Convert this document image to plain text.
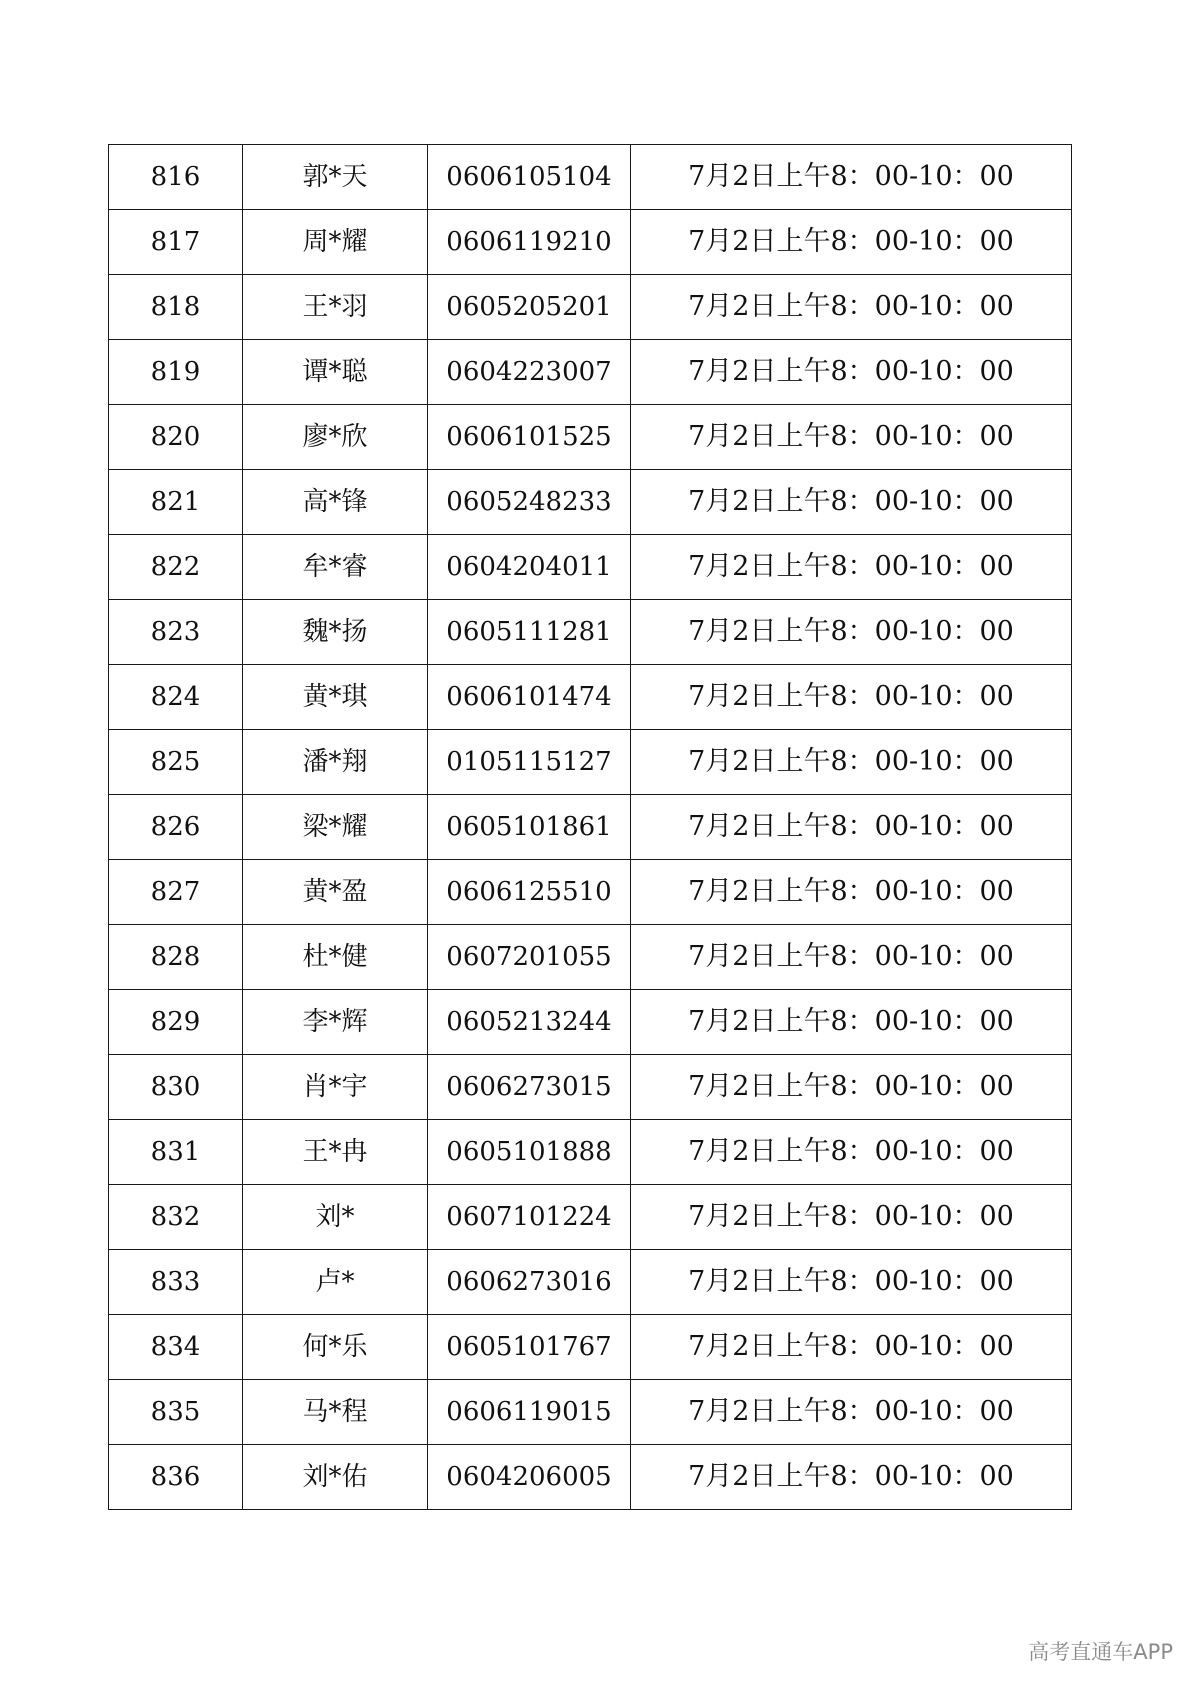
816	郭*天	0606105104	7月2日上午8：00-10：00
817	周*耀	0606119210	7月2日上午8：00-10：00
818	王*羽	0605205201	7月2日上午8：00-10：00
819	谭*聪	0604223007	7月2日上午8：00-10：00
820	廖*欣	0606101525	7月2日上午8：00-10：00
821	高*锋	0605248233	7月2日上午8：00-10：00
822	牟*睿	0604204011	7月2日上午8：00-10：00
823	魏*扬	0605111281	7月2日上午8：00-10：00
824	黄*琪	0606101474	7月2日上午8：00-10：00
825	潘*翔	0105115127	7月2日上午8：00-10：00
826	梁*耀	0605101861	7月2日上午8：00-10：00
827	黄*盈	0606125510	7月2日上午8：00-10：00
828	杜*健	0607201055	7月2日上午8：00-10：00
829	李*辉	0605213244	7月2日上午8：00-10：00
830	肖*宇	0606273015	7月2日上午8：00-10：00
831	王*冉	0605101888	7月2日上午8：00-10：00
832	刘*	0607101224	7月2日上午8：00-10：00
833	卢*	0606273016	7月2日上午8：00-10：00
834	何*乐	0605101767	7月2日上午8：00-10：00
835	马*程	0606119015	7月2日上午8：00-10：00
836	刘*佑	0604206005	7月2日上午8：00-10：00
高考直通车APP
